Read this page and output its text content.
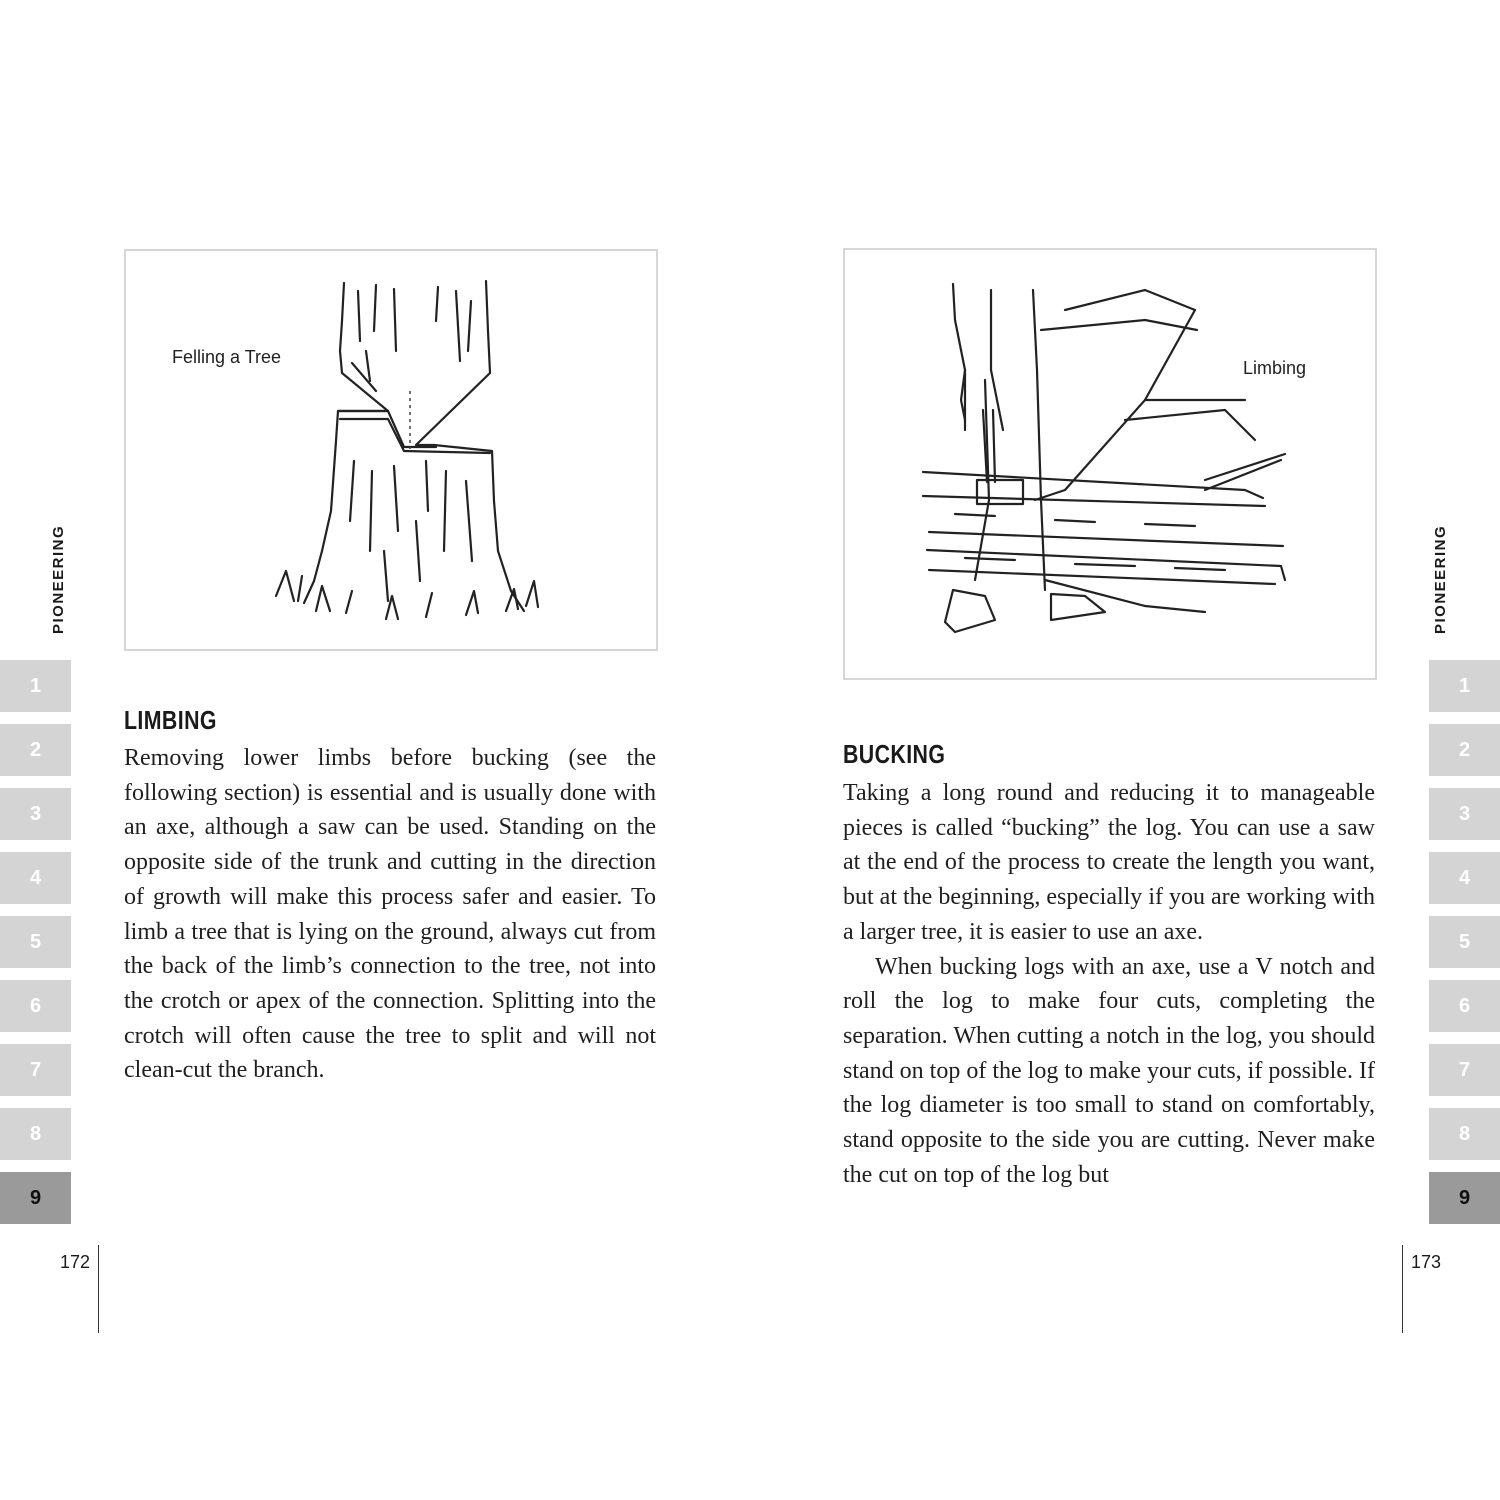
PIONEERING
1
2
3
4
5
6
7
8
9
172
Felling a Tree
LIMBING

Removing lower limbs before bucking (see the following section) is essential and is usually done with an axe, although a saw can be used. Standing on the opposite side of the trunk and cutting in the direction of growth will make this process safer and easier. To limb a tree that is lying on the ground, always cut from the back of the limb’s connection to the tree, not into the crotch or apex of the connection. Splitting into the crotch will often cause the tree to split and will not clean-cut the branch.

Limbing
BUCKING

Taking a long round and reducing it to manageable pieces is called “bucking” the log. You can use a saw at the end of the process to create the length you want, but at the beginning, especially if you are working with a larger tree, it is easier to use an axe.

When bucking logs with an axe, use a V notch and roll the log to make four cuts, completing the separation. When cutting a notch in the log, you should stand on top of the log to make your cuts, if possible. If the log diameter is too small to stand on comfortably, stand opposite to the side you are cutting. Never make the cut on top of the log but

PIONEERING
1
2
3
4
5
6
7
8
9
173
